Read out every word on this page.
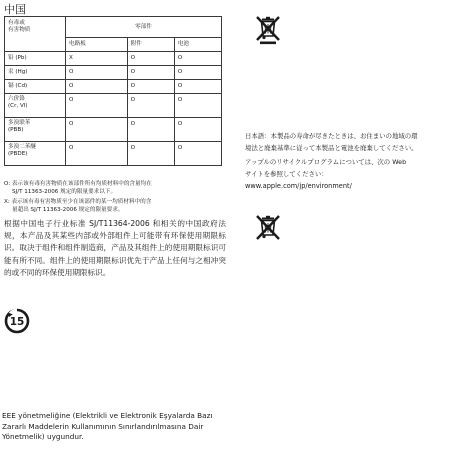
中国
有毒或
有害物质	零部件		
	电路板	附件	电池

铅 (Pb)	X	O	O

汞 (Hg)	O	O	O

镉 (Cd)	O	O	O

六价铬
(Cr, VI)	O	O	O

多溴联苯
(PBB)	O	O	O

多溴二苯醚
(PBDE)	O	O	O
O: 表示该有毒有害物质在该部件所有均质材料中的含量均在
SJ/T 11363-2006 规定的限量要求以下。
X: 表示该有毒有害物质至少在该部件的某一均质材料中的含
量超出 SJ/T 11363-2006 规定的限量要求。
根据中国电子行业标准 SJ/T11364-2006 和相关的中国政府法规，本产品及其某些内部或外部组件上可能带有环保使用期限标识。取决于组件和组件制造商，产品及其组件上的使用期限标识可能有所不同。组件上的使用期限标识优先于产品上任何与之相冲突的或不同的环保使用期限标识。
15
EEE yönetmeliğine (Elektrikli ve Elektronik Eşyalarda Bazı
Zararlı Maddelerin Kullanımının Sınırlandırılmasına Dair
Yönetmelik) uygundur.
日本語：本製品の寿命が尽きたときは、お住まいの地域の環
境法と廃棄基準に従って本製品と電池を廃棄してください。
アップルのリサイクルプログラムについては、次の Web
サイトを参照してください：
www.apple.com/jp/environment/
